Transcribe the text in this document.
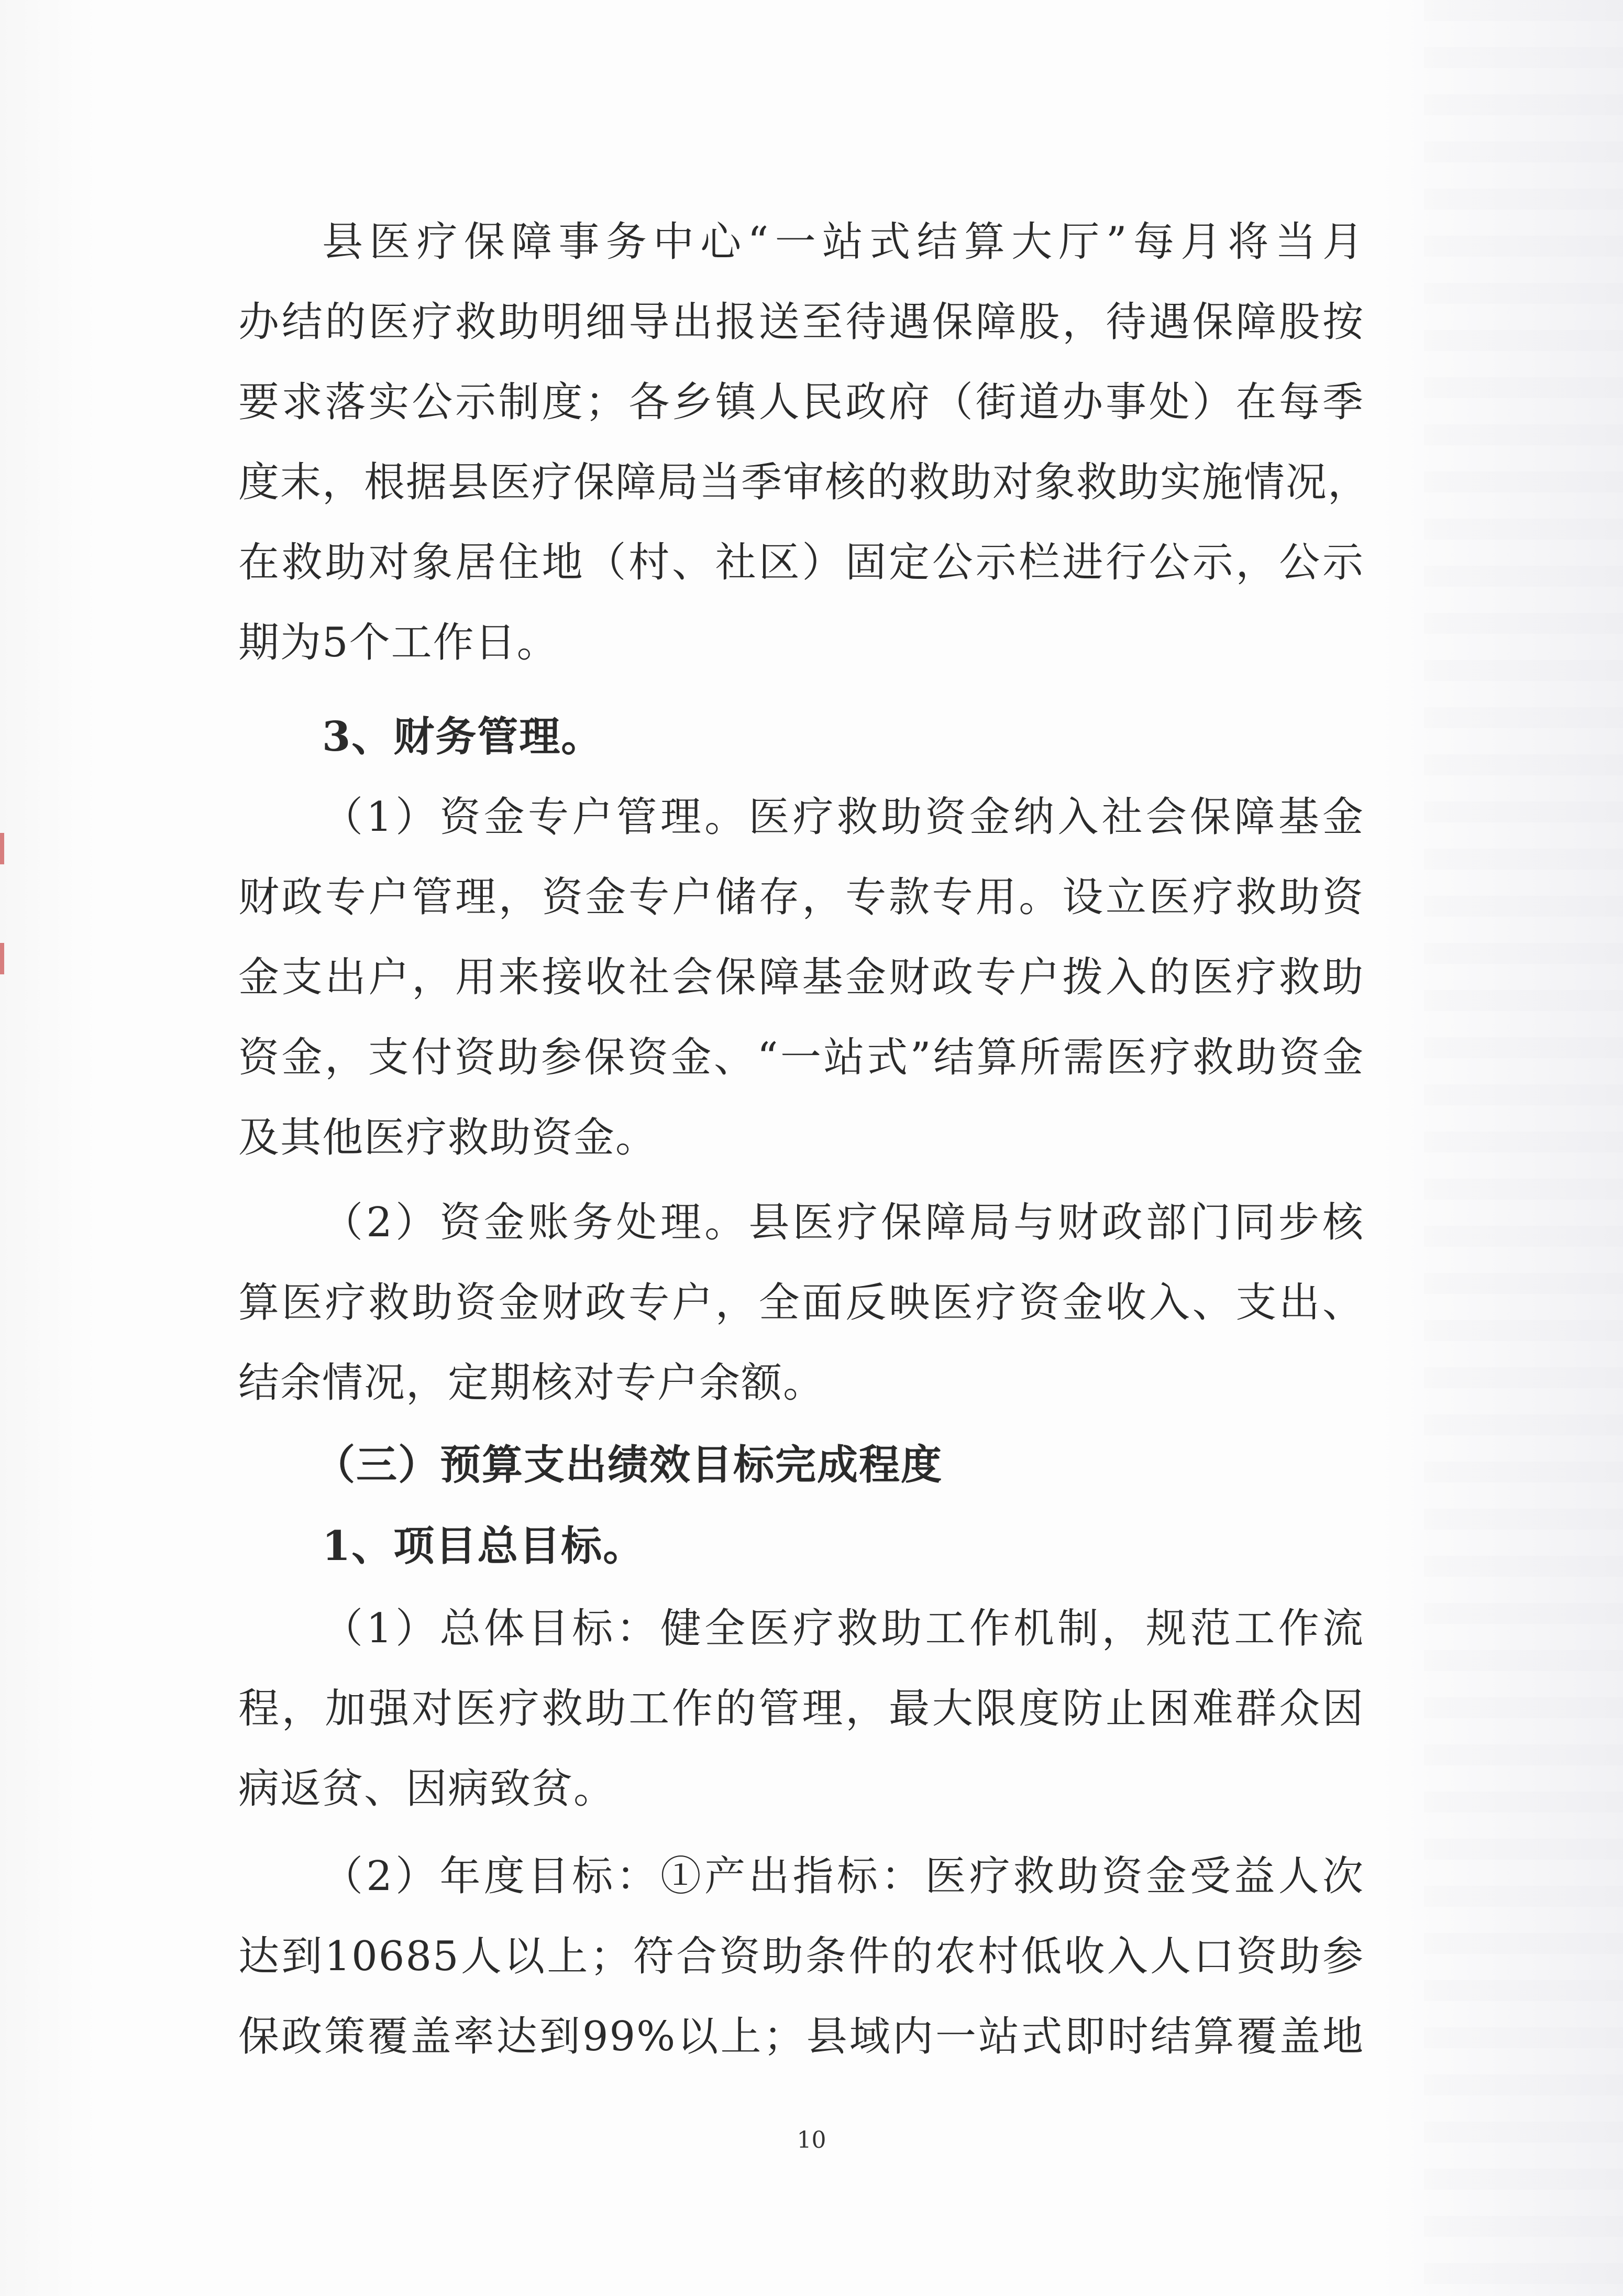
县医疗保障事务中心“一站式结算大厅”每月将当月
办结的医疗救助明细导出报送至待遇保障股，待遇保障股按
要求落实公示制度；各乡镇人民政府（街道办事处）在每季
度末，根据县医疗保障局当季审核的救助对象救助实施情况，
在救助对象居住地（村、社区）固定公示栏进行公示，公示
期为5个工作日。
3、财务管理。
（1）资金专户管理。医疗救助资金纳入社会保障基金
财政专户管理，资金专户储存，专款专用。设立医疗救助资
金支出户，用来接收社会保障基金财政专户拨入的医疗救助
资金，支付资助参保资金、“一站式”结算所需医疗救助资金
及其他医疗救助资金。
（2）资金账务处理。县医疗保障局与财政部门同步核
算医疗救助资金财政专户，全面反映医疗资金收入、支出、
结余情况，定期核对专户余额。
（三）预算支出绩效目标完成程度
1、项目总目标。
（1）总体目标：健全医疗救助工作机制，规范工作流
程，加强对医疗救助工作的管理，最大限度防止困难群众因
病返贫、因病致贫。
（2）年度目标：①产出指标：医疗救助资金受益人次
达到10685人以上；符合资助条件的农村低收入人口资助参
保政策覆盖率达到99%以上；县域内一站式即时结算覆盖地
10
